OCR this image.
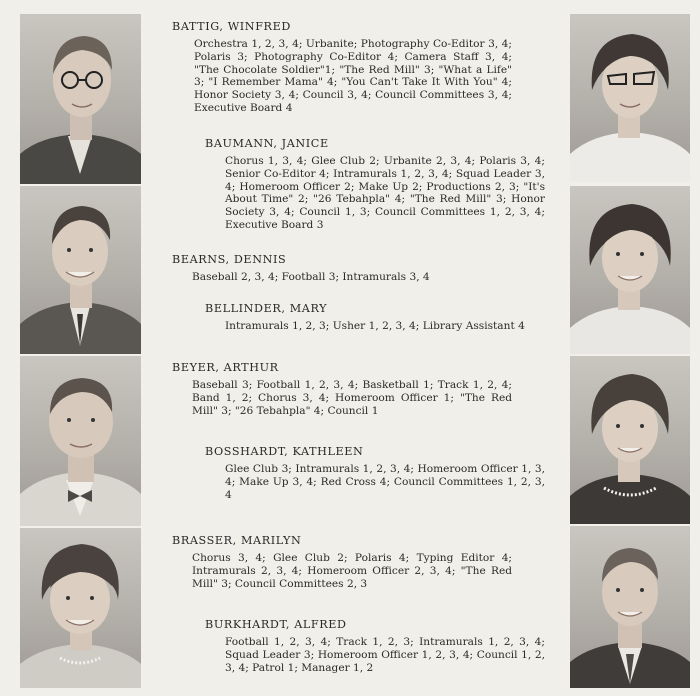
BATTIG, WINFRED
Orchestra 1, 2, 3, 4; Urbanite; Photography Co-Editor 3, 4; Polaris 3; Photography Co-Editor 4; Camera Staff 3, 4; "The Chocolate Soldier"1; "The Red Mill" 3; "What a Life" 3; "I Remember Mama" 4; "You Can't Take It With You" 4; Honor Society 3, 4; Council 3, 4; Council Committees 3, 4; Executive Board 4
BAUMANN, JANICE
Chorus 1, 3, 4; Glee Club 2; Urbanite 2, 3, 4; Polaris 3, 4; Senior Co-Editor 4; Intramurals 1, 2, 3, 4; Squad Leader 3, 4; Homeroom Officer 2; Make Up 2; Productions 2, 3; "It's About Time" 2; "26 Tebahpla" 4; "The Red Mill" 3; Honor Society 3, 4; Council 1, 3; Council Committees 1, 2, 3, 4; Executive Board 3
BEARNS, DENNIS
Baseball 2, 3, 4; Football 3; Intramurals 3, 4
BELLINDER, MARY
Intramurals 1, 2, 3; Usher 1, 2, 3, 4; Library Assistant 4
BEYER, ARTHUR
Baseball 3; Football 1, 2, 3, 4; Basketball 1; Track 1, 2, 4; Band 1, 2; Chorus 3, 4; Homeroom Officer 1; "The Red Mill" 3; "26 Tebahpla" 4; Council 1
BOSSHARDT, KATHLEEN
Glee Club 3; Intramurals 1, 2, 3, 4; Homeroom Officer 1, 3, 4; Make Up 3, 4; Red Cross 4; Council Committees 1, 2, 3, 4
BRASSER, MARILYN
Chorus 3, 4; Glee Club 2; Polaris 4; Typing Editor 4; Intramurals 2, 3, 4; Homeroom Officer 2, 3, 4; "The Red Mill" 3; Council Committees 2, 3
BURKHARDT, ALFRED
Football 1, 2, 3, 4; Track 1, 2, 3; Intramurals 1, 2, 3, 4; Squad Leader 3; Homeroom Officer 1, 2, 3, 4; Council 1, 2, 3, 4; Patrol 1; Manager 1, 2
